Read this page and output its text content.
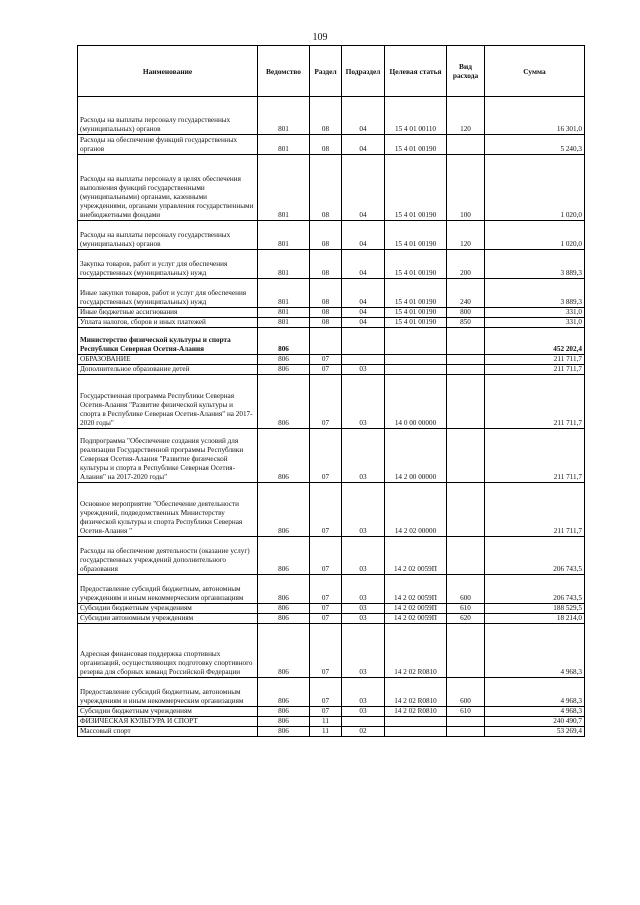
109
Наименование	Ведомство	Раздел	Подраздел	Целевая статья	Вид расхода	Сумма
Расходы на выплаты персоналу государственных (муниципальных) органов	801	08	04	15 4 01 00110	120	16 301,0
Расходы на обеспечение функций государственных органов	801	08	04	15 4 01 00190		5 240,3
Расходы на выплаты персоналу в целях обеспечения выполнения функций государственными (муниципальными) органами, казенными учреждениями, органами управления государственными внебюджетными фондами	801	08	04	15 4 01 00190	100	1 020,0
Расходы на выплаты персоналу государственных (муниципальных) органов	801	08	04	15 4 01 00190	120	1 020,0
Закупка товаров, работ и услуг для обеспечения государственных (муниципальных) нужд	801	08	04	15 4 01 00190	200	3 889,3
Иные закупки товаров, работ и услуг для обеспечения государственных (муниципальных) нужд	801	08	04	15 4 01 00190	240	3 889,3
Иные бюджетные ассигнования	801	08	04	15 4 01 00190	800	331,0
Уплата налогов, сборов и иных платежей	801	08	04	15 4 01 00190	850	331,0
Министерство физической культуры и спорта Республики Северная Осетия-Алания	806					452 202,4
ОБРАЗОВАНИЕ	806	07				211 711,7
Дополнительное образование детей	806	07	03			211 711,7
Государственная программа Республики Северная Осетия-Алания "Развитие физической культуры и спорта в Республике Северная Осетия-Алания" на 2017-2020 годы"	806	07	03	14 0 00 00000		211 711,7
Подпрограмма "Обеспечение создания условий для реализации Государственной программы Республики Северная Осетия-Алания "Развитие физической культуры и спорта в Республике Северная Осетия-Алания" на 2017-2020 годы"	806	07	03	14 2 00 00000		211 711,7
Основное мероприятие "Обеспечение деятельности учреждений, подведомственных Министерству физической культуры и спорта Республики Северная Осетия-Алания "	806	07	03	14 2 02 00000		211 711,7
Расходы на обеспечение деятельности (оказание услуг) государственных учреждений дополнительного образования	806	07	03	14 2 02 0059П		206 743,5
Предоставление субсидий бюджетным, автономным учреждениям и иным некоммерческим организациям	806	07	03	14 2 02 0059П	600	206 743,5
Субсидии бюджетным учреждениям	806	07	03	14 2 02 0059П	610	188 529,5
Субсидии автономным учреждениям	806	07	03	14 2 02 0059П	620	18 214,0
Адресная финансовая поддержка спортивных организаций, осуществляющих подготовку спортивного резерва для сборных команд Российской Федерации	806	07	03	14 2 02 R0810		4 968,3
Предоставление субсидий бюджетным, автономным учреждениям и иным некоммерческим организациям	806	07	03	14 2 02 R0810	600	4 968,3
Субсидии бюджетным учреждениям	806	07	03	14 2 02 R0810	610	4 968,3
ФИЗИЧЕСКАЯ КУЛЬТУРА И СПОРТ	806	11				240 490,7
Массовый спорт	806	11	02			53 269,4
